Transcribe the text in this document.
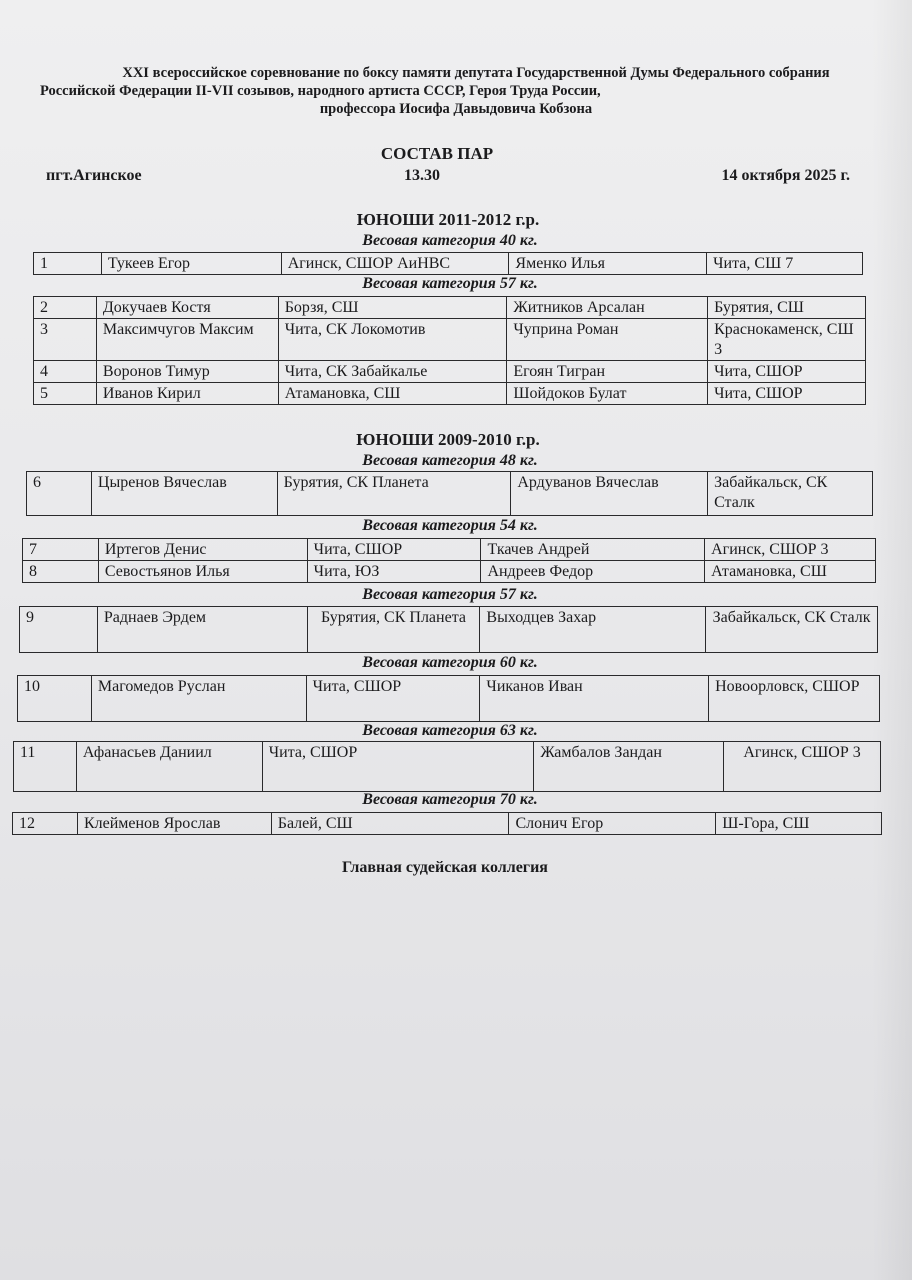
XXI всероссийское соревнование по боксу памяти депутата Государственной Думы Федерального собрания
Российской Федерации II-VII созывов, народного артиста СССР, Героя Труда России,
профессора Иосифа Давыдовича Кобзона
СОСТАВ ПАР
пгт.Агинское	13.30	14 октября 2025 г.
ЮНОШИ 2011-2012 г.р.
Весовая категория 40 кг.
1	Тукеев Егор	Агинск, СШОР АиНВС	Яменко Илья	Чита, СШ 7
Весовая категория 57 кг.
2	Докучаев Костя	Борзя, СШ	Житников Арсалан	Бурятия, СШ
3	Максимчугов Максим	Чита, СК Локомотив	Чуприна Роман	Краснокаменск, СШ 3
4	Воронов Тимур	Чита, СК Забайкалье	Егоян Тигран	Чита, СШОР
5	Иванов Кирил	Атамановка, СШ	Шойдоков Булат	Чита, СШОР
ЮНОШИ 2009-2010 г.р.
Весовая категория 48 кг.
6	Цыренов Вячеслав	Бурятия, СК Планета	Ардуванов Вячеслав	Забайкальск, СК Сталк
Весовая категория 54 кг.
7	Иртегов Денис	Чита, СШОР	Ткачев Андрей	Агинск, СШОР 3
8	Севостьянов Илья	Чита, ЮЗ	Андреев Федор	Атамановка, СШ
Весовая категория 57 кг.
9	Раднаев Эрдем	Бурятия, СК Планета	Выходцев Захар	Забайкальск, СК Сталк
Весовая категория 60 кг.
10	Магомедов Руслан	Чита, СШОР	Чиканов Иван	Новоорловск, СШОР
Весовая категория 63 кг.
11	Афанасьев Даниил	Чита, СШОР	Жамбалов Зандан	Агинск, СШОР 3
Весовая категория 70 кг.
12	Клейменов Ярослав	Балей, СШ	Слонич Егор	Ш-Гора, СШ
Главная судейская коллегия
